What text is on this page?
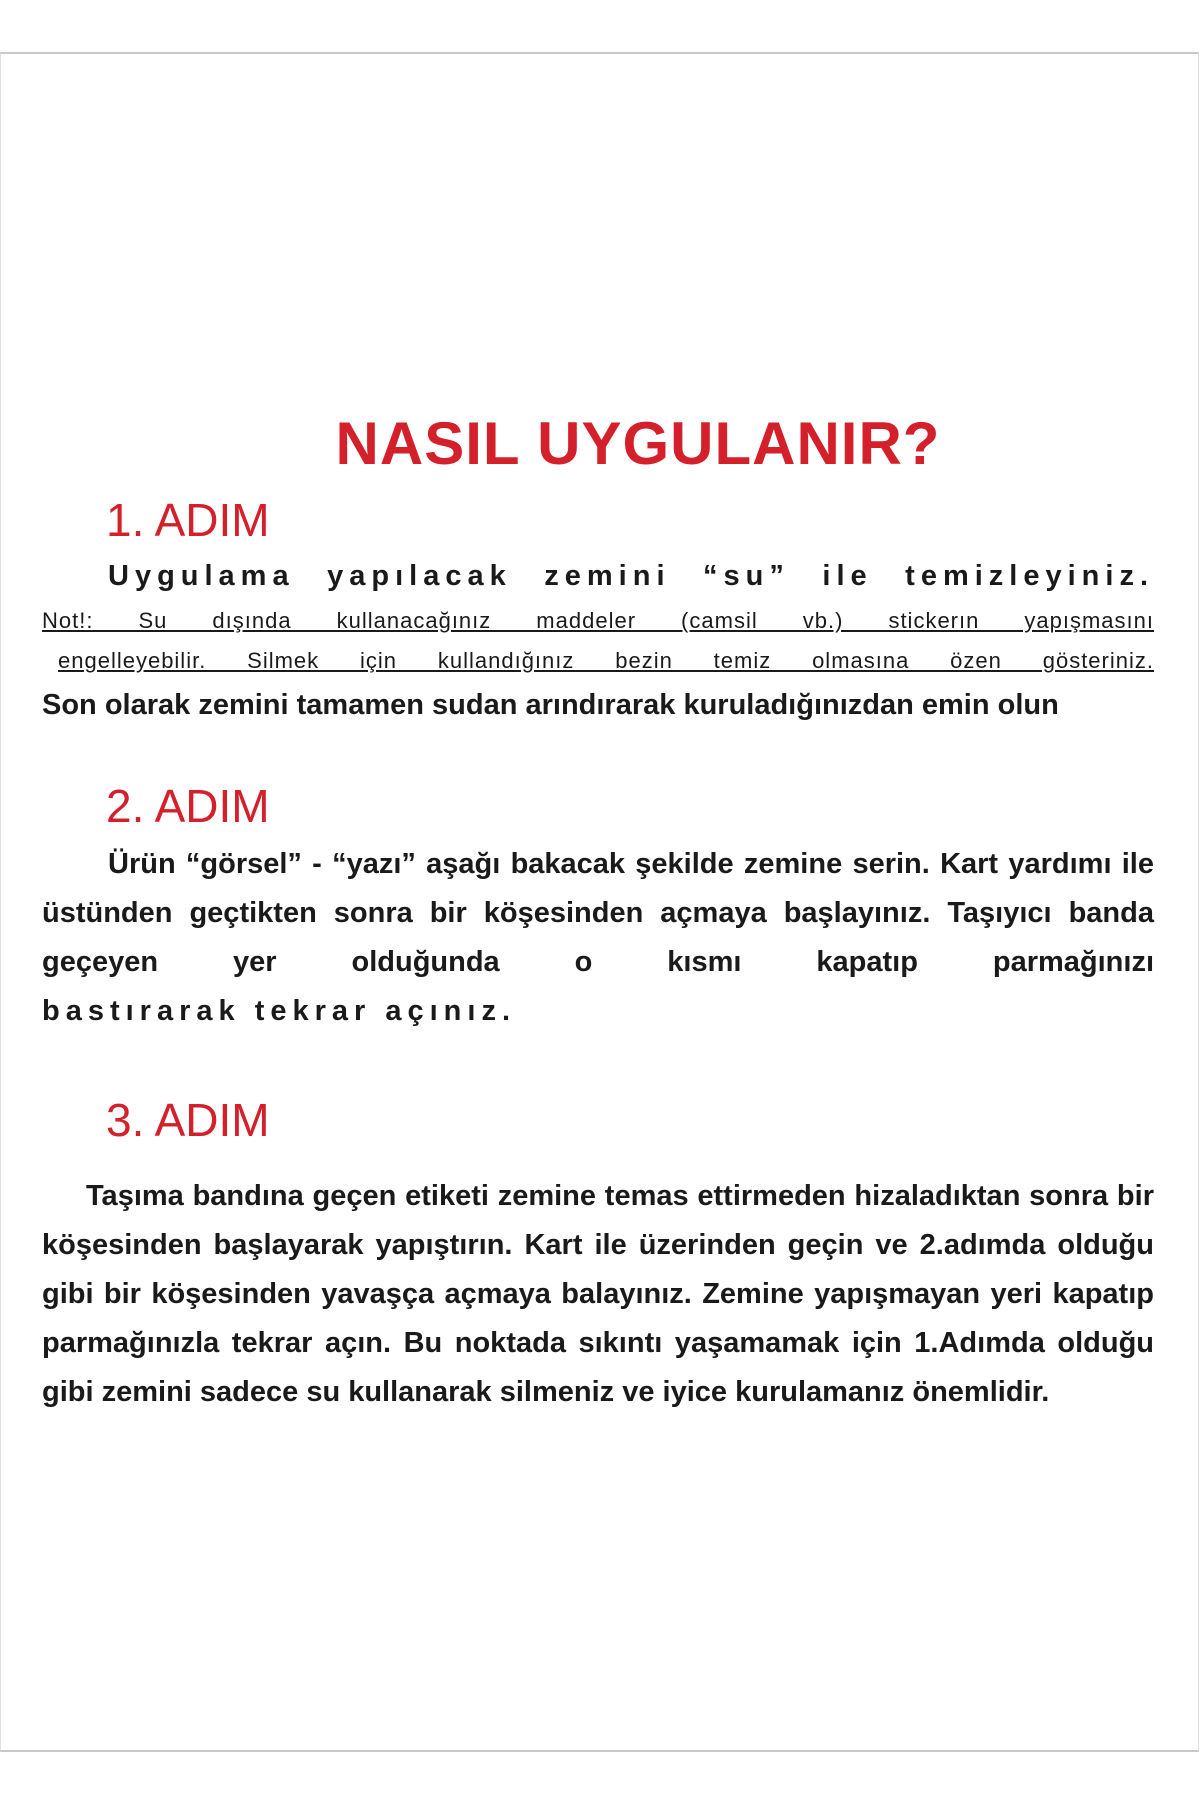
NASIL UYGULANIR?
1. ADIM

Uygulama yapılacak zemini “su” ile temizleyiniz.

Not!: Su dışında kullanacağınız maddeler (camsil vb.) stickerın yapışmasını

engelleyebilir. Silmek için kullandığınız bezin temiz olmasına özen gösteriniz.

Son olarak zemini tamamen sudan arındırarak kuruladığınızdan emin olun

2. ADIM

Ürün “görsel” - “yazı” aşağı bakacak şekilde zemine serin. Kart yardımı ile üstünden geçtikten sonra bir köşesinden açmaya başlayınız. Taşıyıcı banda geçeyen yer olduğunda o kısmı kapatıp parmağınızı

bastırarak tekrar açınız.

3. ADIM

Taşıma bandına geçen etiketi zemine temas ettirmeden hizaladıktan sonra bir köşesinden başlayarak yapıştırın. Kart ile üzerinden geçin ve 2.adımda olduğu gibi bir köşesinden yavaşça açmaya balayınız. Zemine yapışmayan yeri kapatıp parmağınızla tekrar açın. Bu noktada sıkıntı yaşamamak için 1.Adımda olduğu gibi zemini sadece su kullanarak silmeniz ve iyice kurulamanız önemlidir.
